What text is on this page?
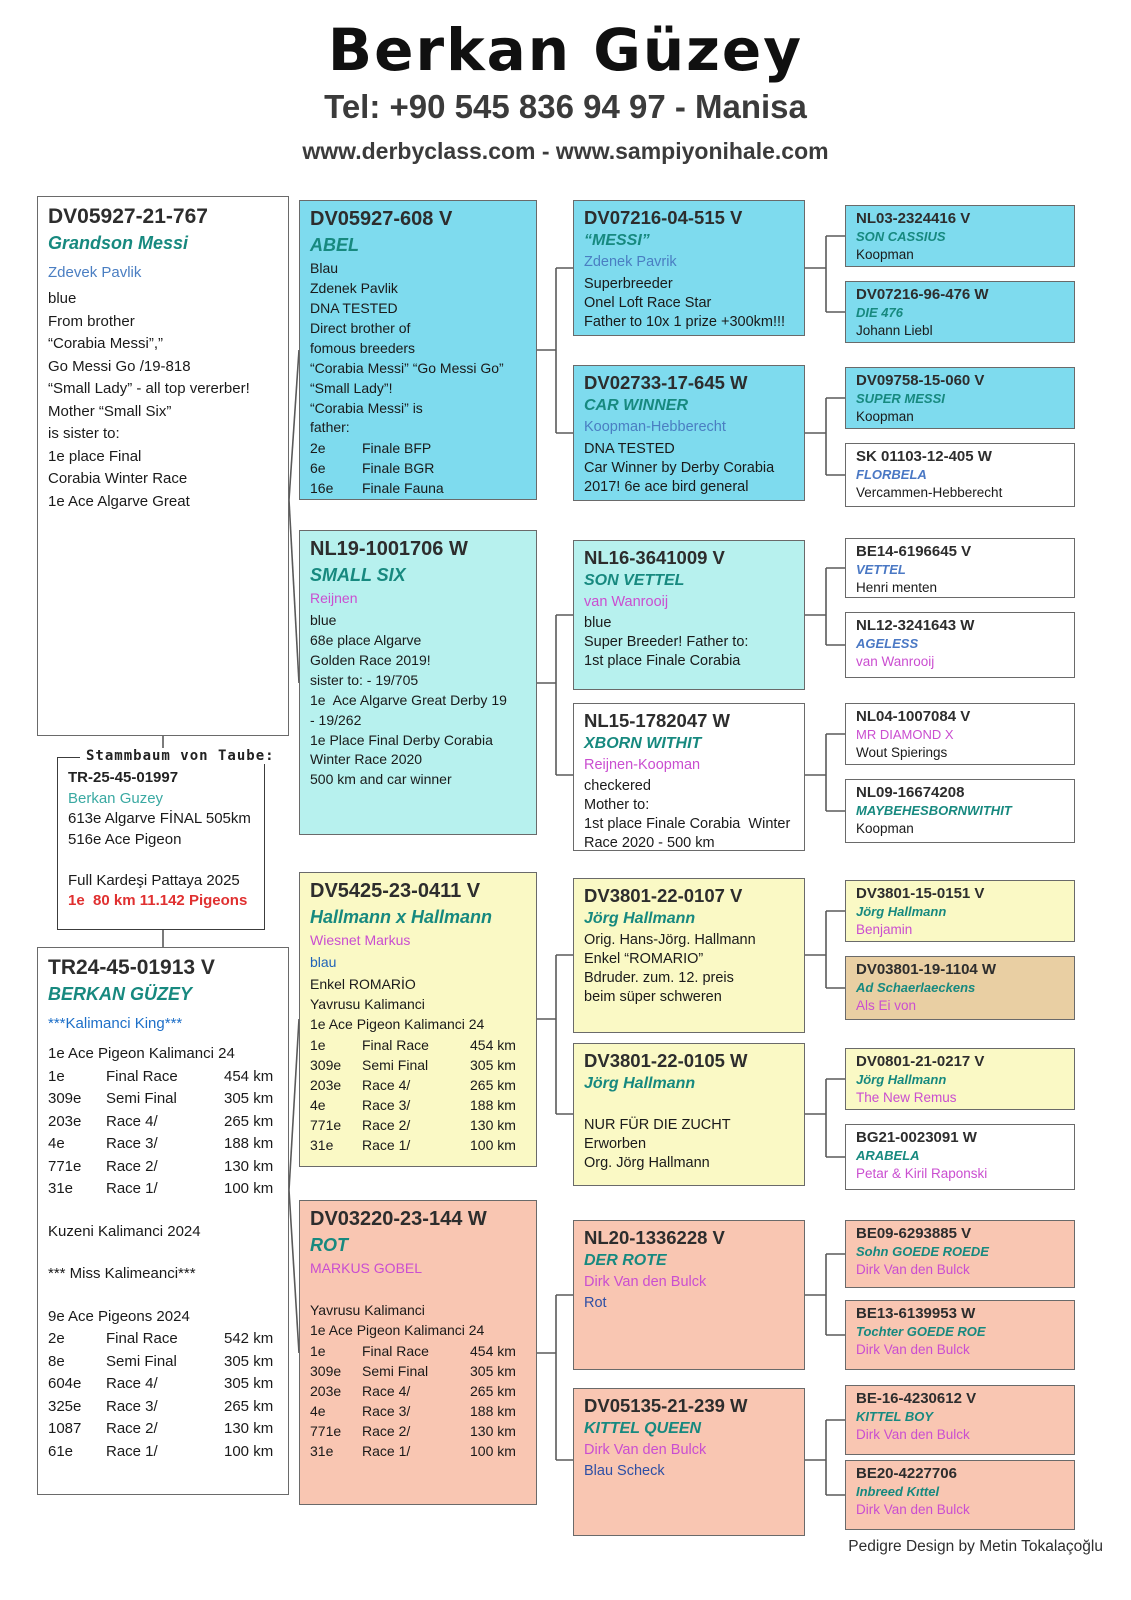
Berkan Güzey
Tel: +90 545 836 94 97 - Manisa
www.derbyclass.com - www.sampiyonihale.com
DV05927-21-767
Grandson Messi
Zdevek Pavlik
blue
From brother
“Corabia Messi”,”
Go Messi Go /19-818
“Small Lady” - all top vererber!
Mother “Small Six”
is sister to:
1e place Final
Corabia Winter Race
1e Ace Algarve Great
Stammbaum von Taube:
TR-25-45-01997
Berkan Guzey
613e Algarve FİNAL 505km
516e Ace Pigeon

Full Kardeşi Pattaya 2025
1e  80 km 11.142 Pigeons
TR24-45-01913 V
BERKAN GÜZEY
***Kalimanci King***
1e Ace Pigeon Kalimanci 24
1e	Final Race	454 km
309e	Semi Final	305 km
203e	Race 4/	265 km
4e	Race 3/	188 km
771e	Race 2/	130 km
31e	Race 1/	100 km

Kuzeni Kalimanci 2024

*** Miss Kalimeanci***

9e Ace Pigeons 2024
2e	Final Race	542 km
8e	Semi Final	305 km
604e	Race 4/	305 km
325e	Race 3/	265 km
1087	Race 2/	130 km
61e	Race 1/	100 km
DV05927-608 V
ABEL
Blau
Zdenek Pavlik
DNA TESTED
Direct brother of
fomous breeders
“Corabia Messi” “Go Messi Go”
“Small Lady”!
“Corabia Messi” is
father:
2e	Finale BFP
6e	Finale BGR
16e	Finale Fauna
NL19-1001706 W
SMALL SIX
Reijnen
blue
68e place Algarve
Golden Race 2019!
sister to: - 19/705
1e  Ace Algarve Great Derby 19
- 19/262
1e Place Final Derby Corabia
Winter Race 2020
500 km and car winner
DV5425-23-0411 V
Hallmann x Hallmann
Wiesnet Markus
blau
Enkel ROMARİO
Yavrusu Kalimanci
1e Ace Pigeon Kalimanci 24
1e	Final Race	454 km
309e	Semi Final	305 km
203e	Race 4/	265 km
4e	Race 3/	188 km
771e	Race 2/	130 km
31e	Race 1/	100 km
DV03220-23-144 W
ROT
MARKUS GOBEL

Yavrusu Kalimanci
1e Ace Pigeon Kalimanci 24
1e	Final Race	454 km
309e	Semi Final	305 km
203e	Race 4/	265 km
4e	Race 3/	188 km
771e	Race 2/	130 km
31e	Race 1/	100 km
DV07216-04-515 V
“MESSI”
Zdenek Pavrik
Superbreeder
Onel Loft Race Star
Father to 10x 1 prize +300km!!!
DV02733-17-645 W
CAR WINNER
Koopman-Hebberecht
DNA TESTED
Car Winner by Derby Corabia
2017! 6e ace bird general
NL16-3641009 V
SON VETTEL
van Wanrooij
blue
Super Breeder! Father to:
1st place Finale Corabia
NL15-1782047 W
XBORN WITHIT
Reijnen-Koopman
checkered
Mother to:
1st place Finale Corabia  Winter
Race 2020 - 500 km
DV3801-22-0107 V
Jörg Hallmann
Orig. Hans-Jörg. Hallmann
Enkel “ROMARIO”
Bdruder. zum. 12. preis
beim süper schweren
DV3801-22-0105 W
Jörg Hallmann

NUR FÜR DIE ZUCHT
Erworben
Org. Jörg Hallmann
NL20-1336228 V
DER ROTE
Dirk Van den Bulck
Rot
DV05135-21-239 W
KITTEL QUEEN
Dirk Van den Bulck
Blau Scheck
NL03-2324416 V
SON CASSIUS
Koopman
DV07216-96-476 W
DIE 476
Johann Liebl
DV09758-15-060 V
SUPER MESSI
Koopman
SK 01103-12-405 W
FLORBELA
Vercammen-Hebberecht
BE14-6196645 V
VETTEL
Henri menten
NL12-3241643 W
AGELESS
van Wanrooij
NL04-1007084 V
MR DIAMOND X
Wout Spierings
NL09-16674208
MAYBEHESBORNWITHIT
Koopman
DV3801-15-0151 V
Jörg Hallmann
Benjamin
DV03801-19-1104 W
Ad Schaerlaeckens
Als Ei von
DV0801-21-0217 V
Jörg Hallmann
The New Remus
BG21-0023091 W
ARABELA
Petar & Kiril Raponski
BE09-6293885 V
Sohn GOEDE ROEDE
Dirk Van den Bulck
BE13-6139953 W
Tochter GOEDE ROE
Dirk Van den Bulck
BE-16-4230612 V
KITTEL BOY
Dirk Van den Bulck
BE20-4227706
Inbreed Kıttel
Dirk Van den Bulck
Pedigre Design by Metin Tokalaçoğlu
